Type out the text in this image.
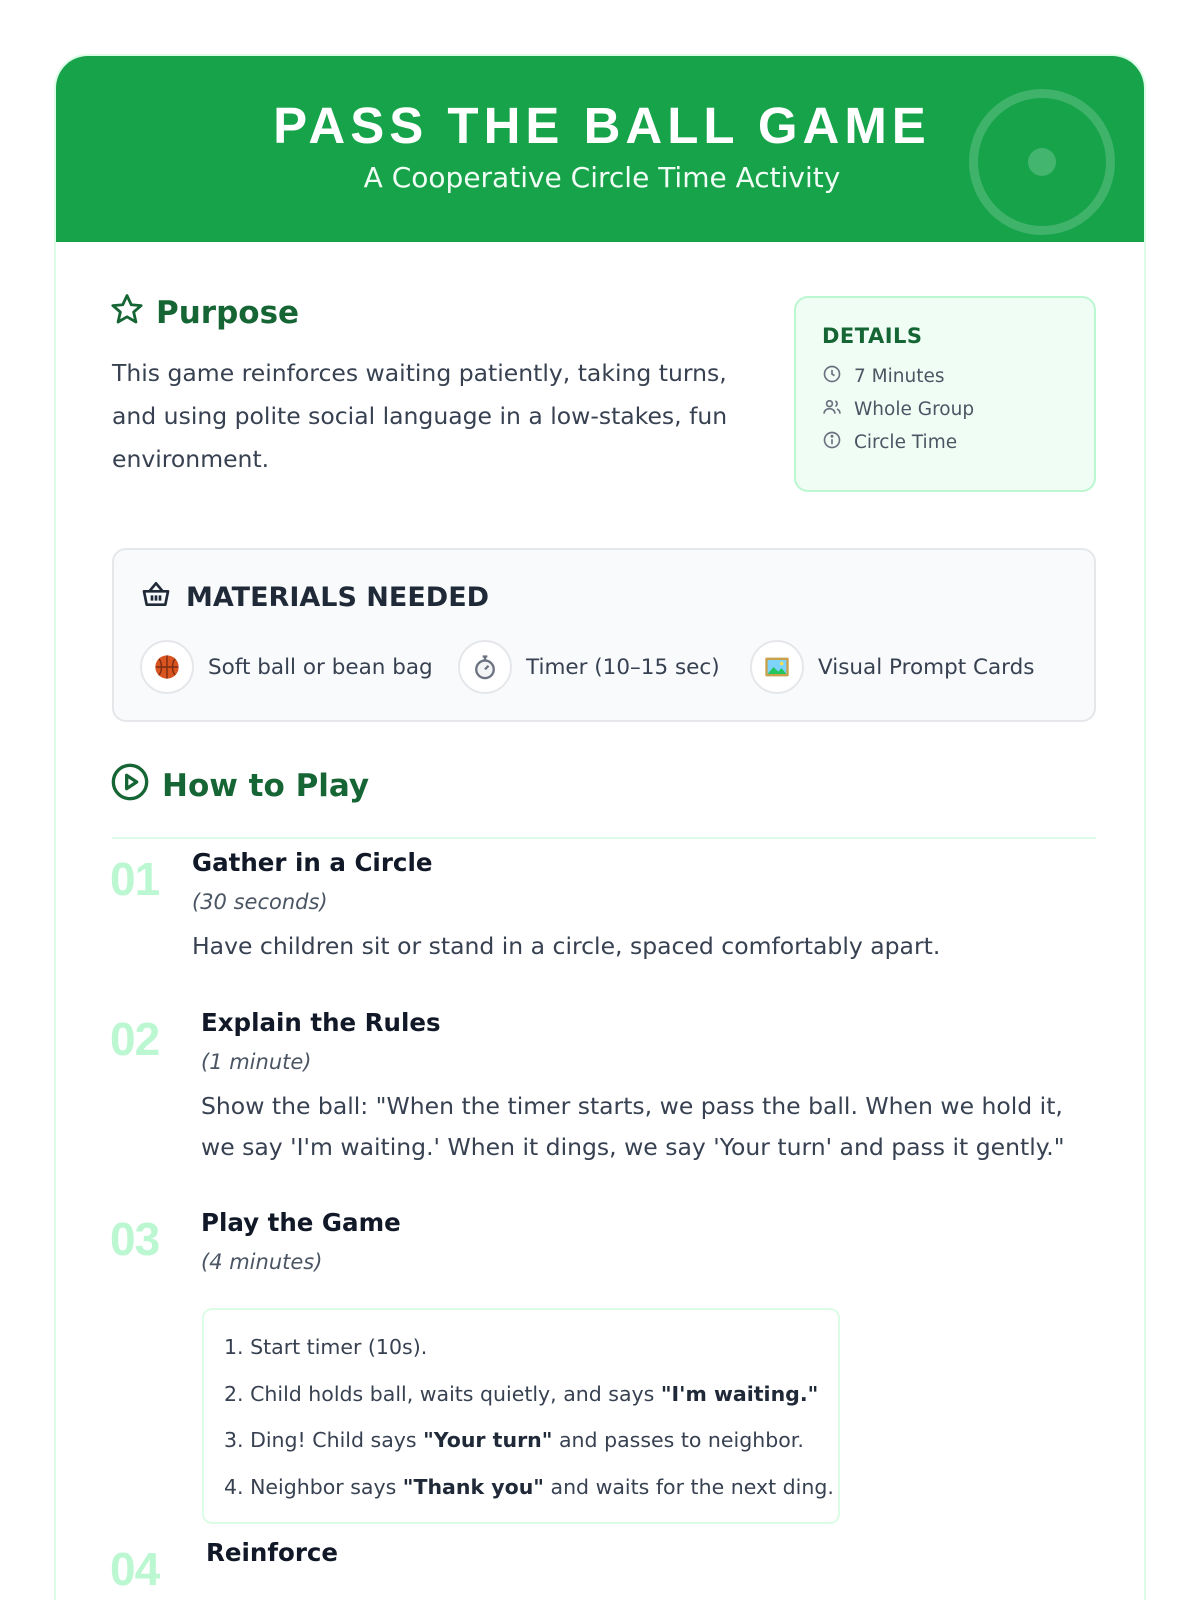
PASS THE BALL GAME
A Cooperative Circle Time Activity
Purpose
This game reinforces waiting patiently, taking turns, and using polite social language in a low-stakes, fun environment.
DETAILS
7 Minutes
Whole Group
Circle Time
MATERIALS NEEDED
Soft ball or bean bag	Timer (10–15 sec)	Visual Prompt Cards
How to Play
01 Gather in a Circle
(30 seconds)
Have children sit or stand in a circle, spaced comfortably apart.
02 Explain the Rules
(1 minute)
Show the ball: "When the timer starts, we pass the ball. When we hold it, we say 'I'm waiting.' When it dings, we say 'Your turn' and pass it gently."
03 Play the Game
(4 minutes)
1. Start timer (10s).
2. Child holds ball, waits quietly, and says "I'm waiting."
3. Ding! Child says "Your turn" and passes to neighbor.
4. Neighbor says "Thank you" and waits for the next ding.
04 Reinforce
